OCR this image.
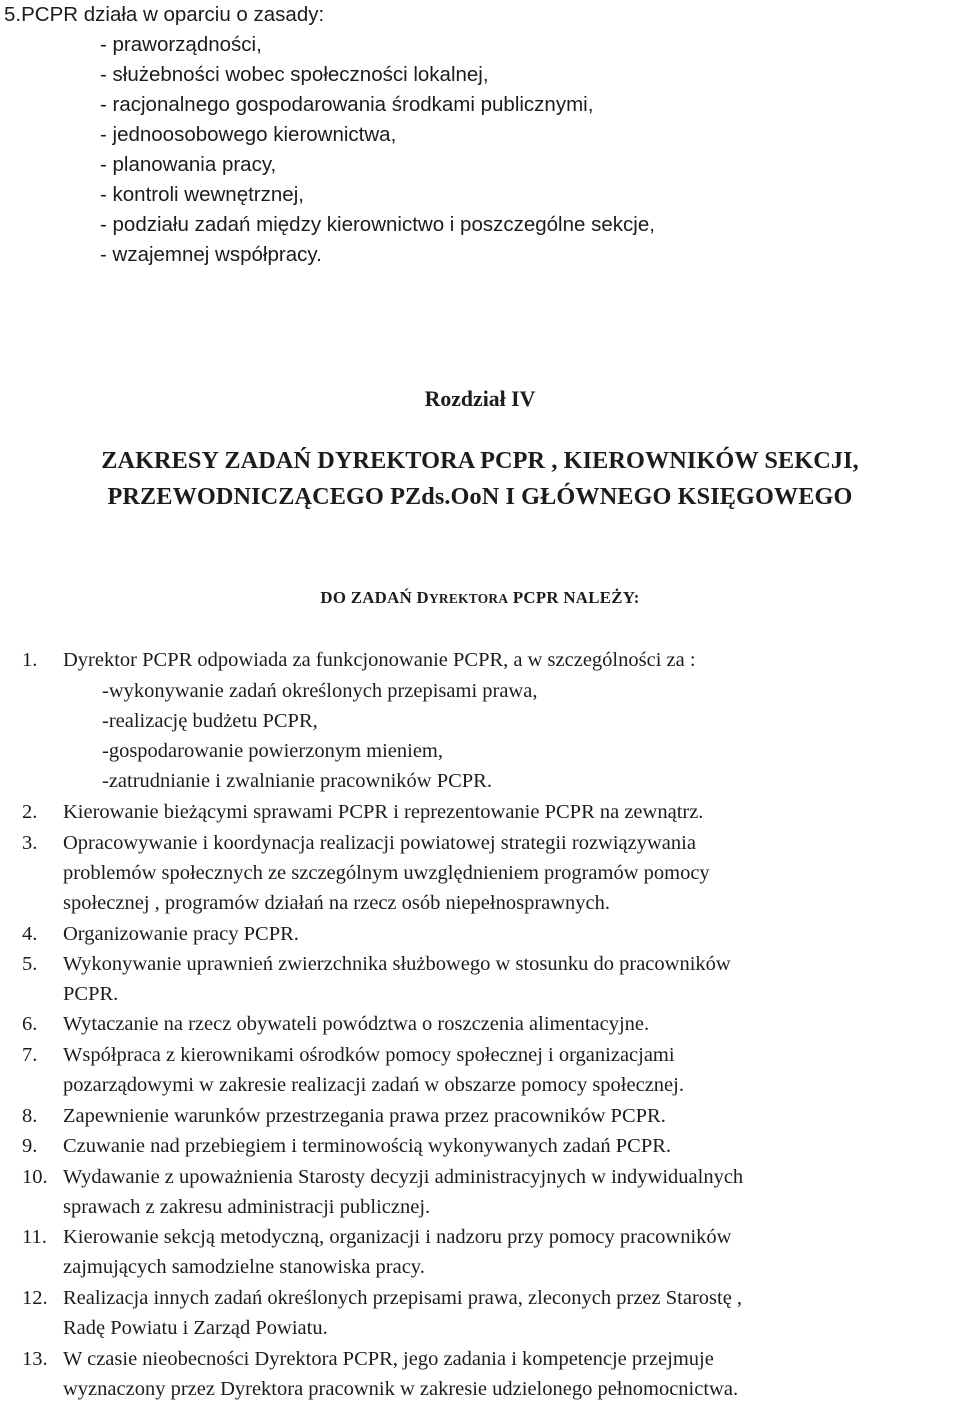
5.PCPR działa w oparciu o zasady:
- praworządności,
- służebności wobec społeczności lokalnej,
- racjonalnego gospodarowania środkami publicznymi,
- jednoosobowego kierownictwa,
- planowania pracy,
- kontroli wewnętrznej,
- podziału zadań między kierownictwo i poszczególne sekcje,
- wzajemnej współpracy.
Rozdział IV
ZAKRESY ZADAŃ DYREKTORA PCPR , KIEROWNIKÓW SEKCJI,
PRZEWODNICZĄCEGO PZds.OoN I GŁÓWNEGO KSIĘGOWEGO
DO ZADAŃ DYREKTORA PCPR NALEŻY:
1. Dyrektor PCPR odpowiada za funkcjonowanie PCPR, a w szczególności za :
-wykonywanie zadań określonych przepisami prawa,
-realizację budżetu PCPR,
-gospodarowanie powierzonym mieniem,
-zatrudnianie i zwalnianie pracowników PCPR.
2. Kierowanie bieżącymi sprawami PCPR i reprezentowanie PCPR na zewnątrz.
3. Opracowywanie i koordynacja realizacji powiatowej strategii rozwiązywania
problemów społecznych ze szczególnym uwzględnieniem programów pomocy
społecznej , programów działań na rzecz osób niepełnosprawnych.
4. Organizowanie pracy PCPR.
5. Wykonywanie uprawnień zwierzchnika służbowego w stosunku do pracowników
PCPR.
6. Wytaczanie na rzecz obywateli powództwa o roszczenia alimentacyjne.
7. Współpraca z kierownikami ośrodków pomocy społecznej i organizacjami
pozarządowymi w zakresie realizacji zadań w obszarze pomocy społecznej.
8. Zapewnienie warunków przestrzegania prawa przez pracowników PCPR.
9. Czuwanie nad przebiegiem i terminowością wykonywanych zadań PCPR.
10. Wydawanie z upoważnienia Starosty decyzji administracyjnych w indywidualnych
sprawach z zakresu administracji publicznej.
11. Kierowanie sekcją metodyczną, organizacji i nadzoru przy pomocy pracowników
zajmujących samodzielne stanowiska pracy.
12. Realizacja innych zadań określonych przepisami prawa, zleconych przez Starostę ,
Radę Powiatu i Zarząd Powiatu.
13. W czasie nieobecności Dyrektora PCPR, jego zadania i kompetencje przejmuje
wyznaczony przez Dyrektora pracownik w zakresie udzielonego pełnomocnictwa.
